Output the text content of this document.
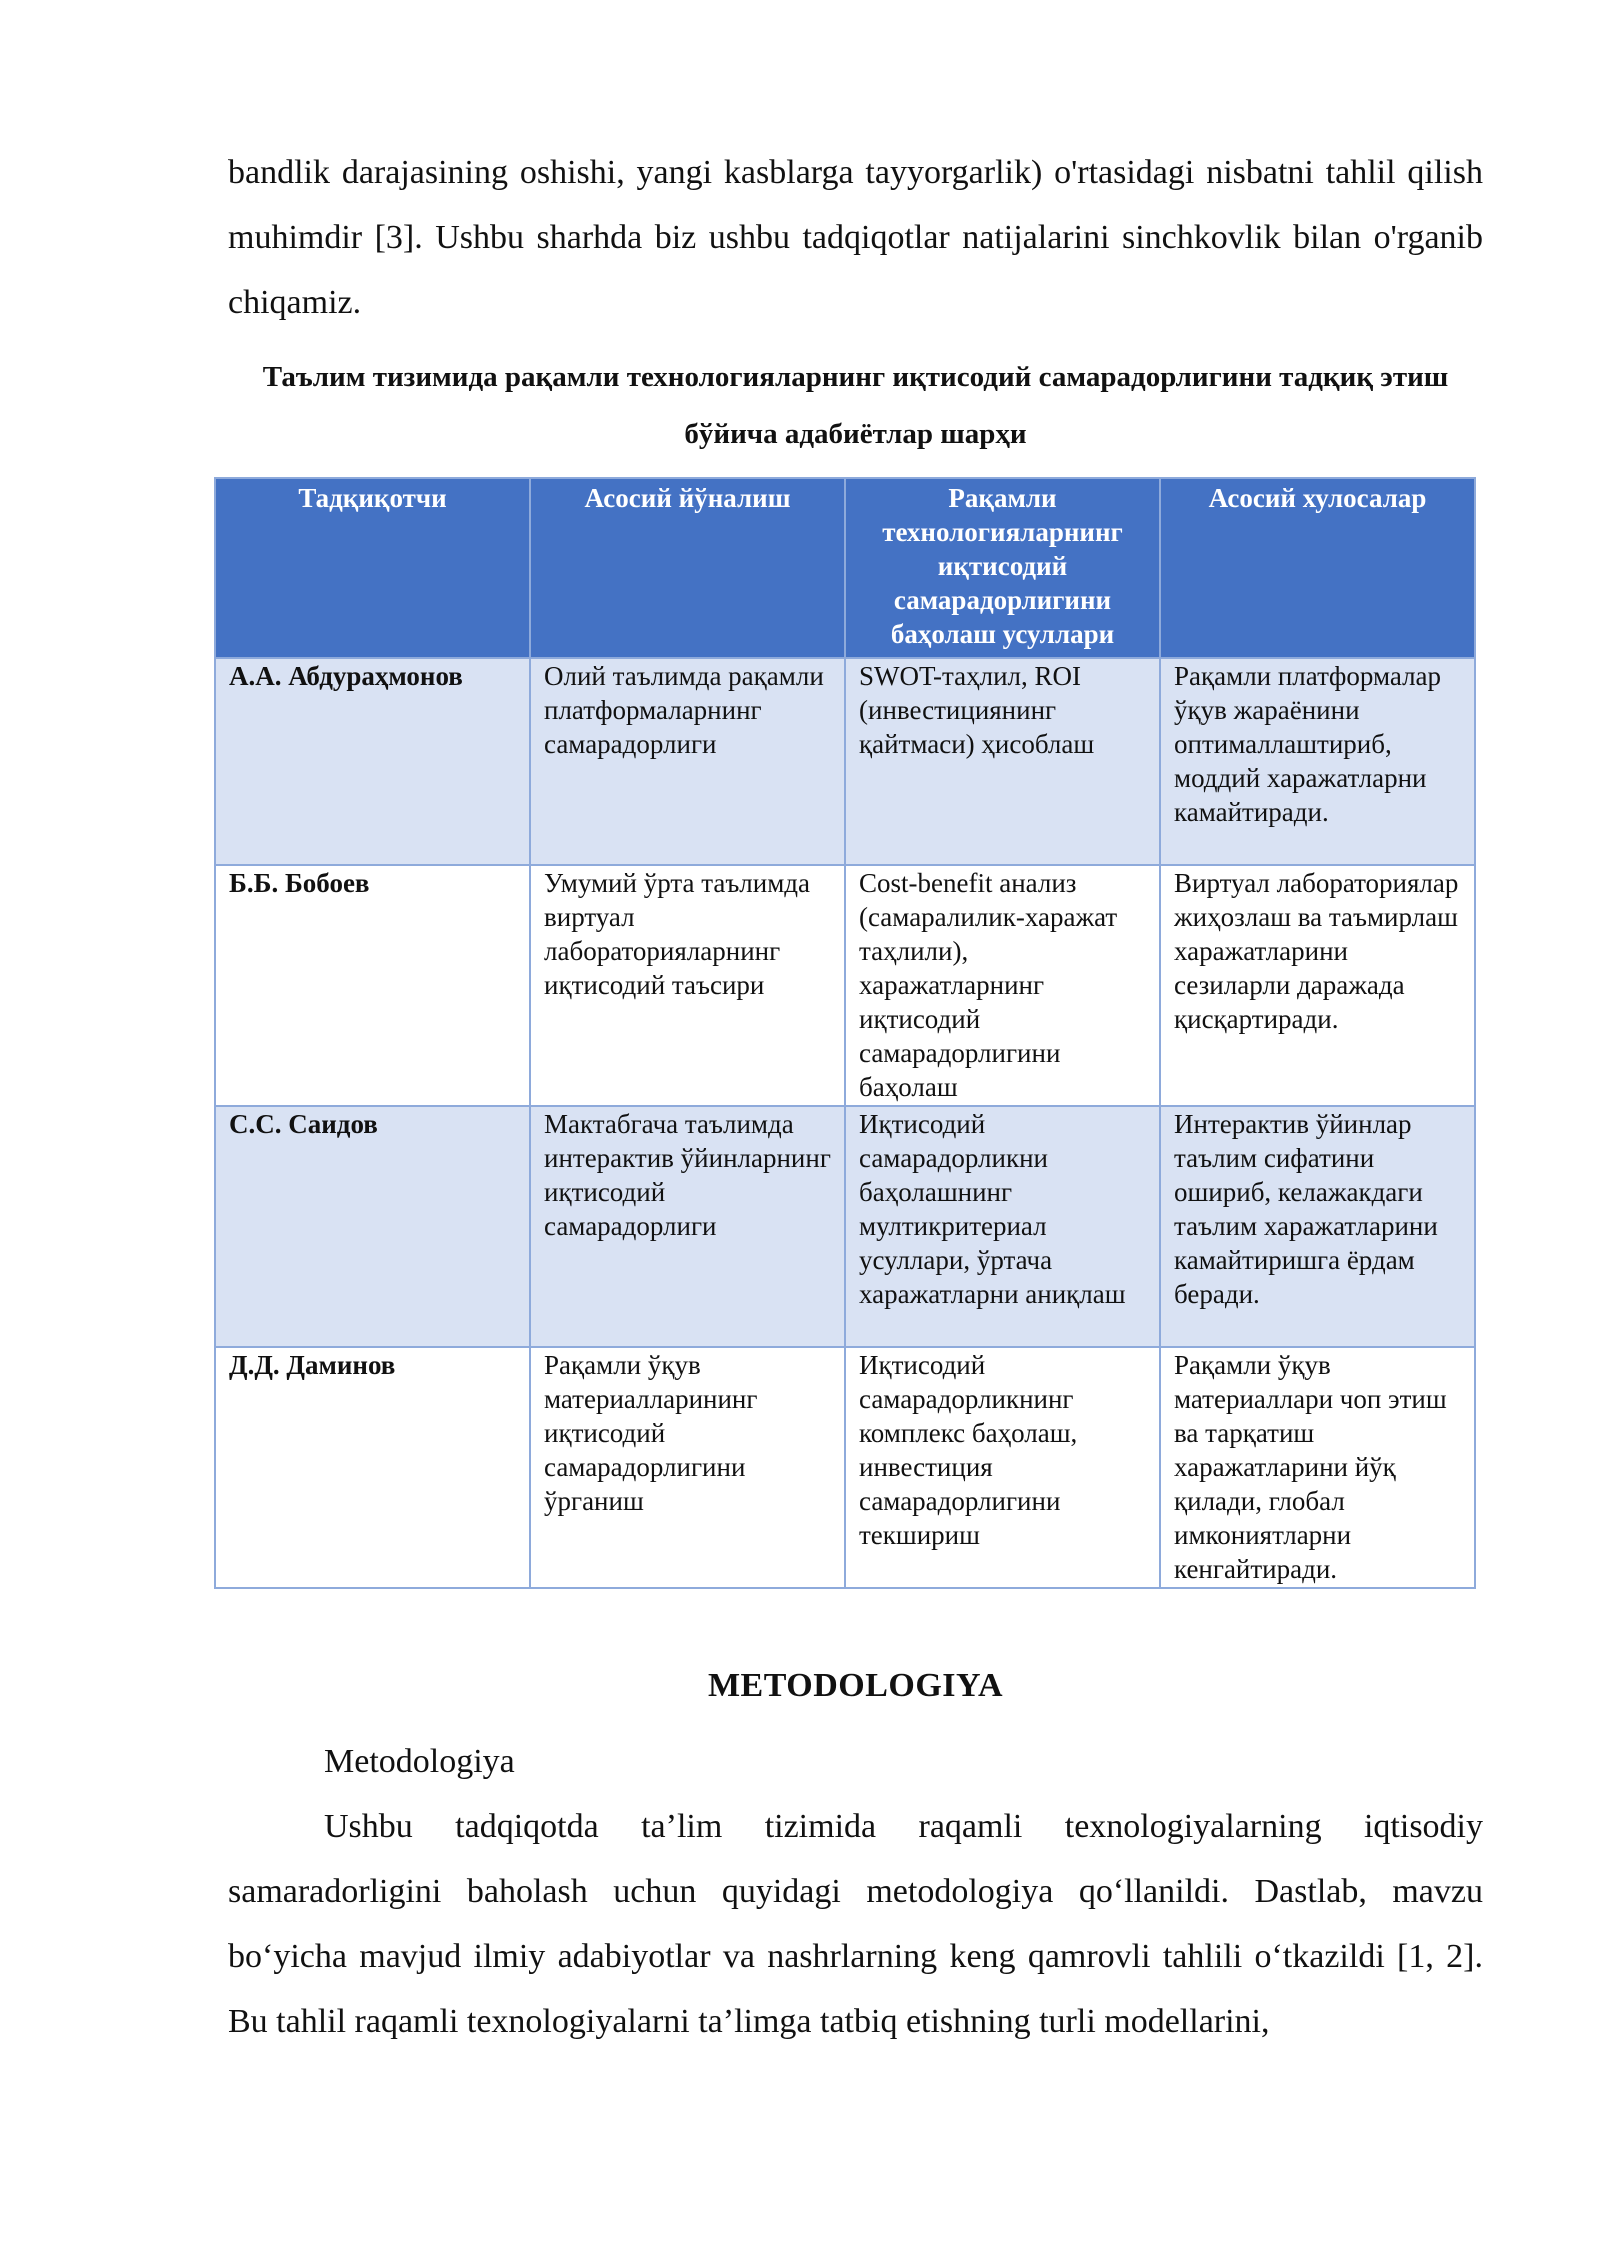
bandlik darajasining oshishi, yangi kasblarga tayyorgarlik) o'rtasidagi nisbatni tahlil qilish muhimdir [3]. Ushbu sharhda biz ushbu tadqiqotlar natijalarini sinchkovlik bilan o'rganib chiqamiz.

Таълим тизимида рақамли технологияларнинг иқтисодий самарадорлигини тадқиқ этиш бўйича адабиётлар шарҳи

Тадқиқотчи	Асосий йўналиш	Рақамли технологияларнинг иқтисодий самарадорлигини баҳолаш усуллари	Асосий хулосалар
А.А. Абдураҳмонов	Олий таълимда рақамли платформаларнинг самарадорлиги	SWOT-таҳлил, ROI (инвестициянинг қайтмаси) ҳисоблаш	Рақамли платформалар ўқув жараёнини оптималлаштириб, моддий харажатларни камайтиради.
Б.Б. Бобоев	Умумий ўрта таълимда виртуал лабораторияларнинг иқтисодий таъсири	Cost-benefit анализ (самаралилик-харажат таҳлили), харажатларнинг иқтисодий самарадорлигини баҳолаш	Виртуал лабораториялар жиҳозлаш ва таъмирлаш харажатларини сезиларли даражада қисқартиради.
С.С. Саидов	Мактабгача таълимда интерактив ўйинларнинг иқтисодий самарадорлиги	Иқтисодий самарадорликни баҳолашнинг мултикритериал усуллари, ўртача харажатларни аниқлаш	Интерактив ўйинлар таълим сифатини ошириб, келажакдаги таълим харажатларини камайтиришга ёрдам беради.
Д.Д. Даминов	Рақамли ўқув материалларининг иқтисодий самарадорлигини ўрганиш	Иқтисодий самарадорликнинг комплекс баҳолаш, инвестиция самарадорлигини текшириш	Рақамли ўқув материаллари чоп этиш ва тарқатиш харажатларини йўқ қилади, глобал имкониятларни кенгайтиради.
METODOLOGIYA

Metodologiya

Ushbu tadqiqotda ta’lim tizimida raqamli texnologiyalarning iqtisodiy samaradorligini baholash uchun quyidagi metodologiya qo‘llanildi. Dastlab, mavzu bo‘yicha mavjud ilmiy adabiyotlar va nashrlarning keng qamrovli tahlili o‘tkazildi [1, 2]. Bu tahlil raqamli texnologiyalarni ta’limga tatbiq etishning turli modellarini,
